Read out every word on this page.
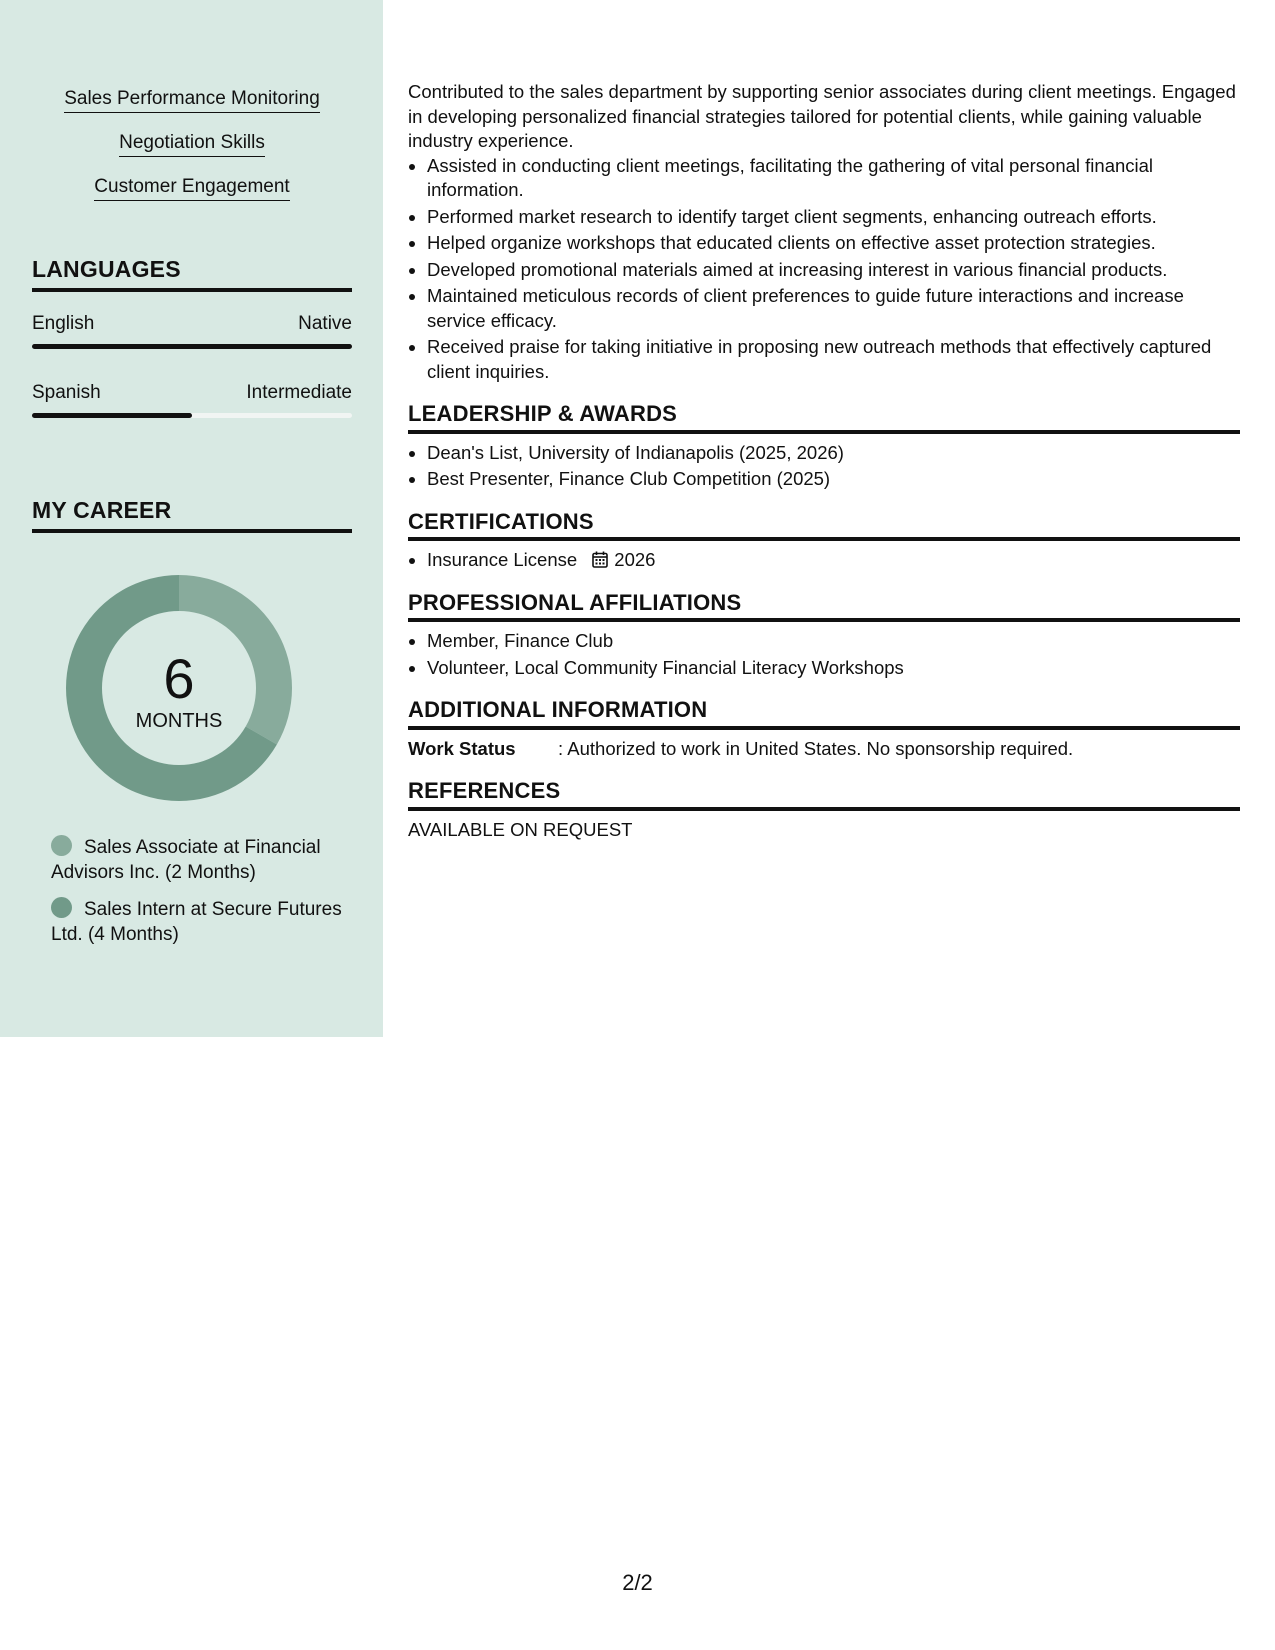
Sales Performance Monitoring
Negotiation Skills
Customer Engagement
LANGUAGES
English	Native
Spanish	Intermediate
MY CAREER
6
MONTHS
Sales Associate at Financial Advisors Inc. (2 Months)
Sales Intern at Secure Futures Ltd. (4 Months)

Contributed to the sales department by supporting senior associates during client meetings. Engaged in developing personalized financial strategies tailored for potential clients, while gaining valuable industry experience.

• Assisted in conducting client meetings, facilitating the gathering of vital personal financial information.
• Performed market research to identify target client segments, enhancing outreach efforts.
• Helped organize workshops that educated clients on effective asset protection strategies.
• Developed promotional materials aimed at increasing interest in various financial products.
• Maintained meticulous records of client preferences to guide future interactions and increase service efficacy.
• Received praise for taking initiative in proposing new outreach methods that effectively captured client inquiries.
LEADERSHIP & AWARDS
• Dean's List, University of Indianapolis (2025, 2026)
• Best Presenter, Finance Club Competition (2025)
CERTIFICATIONS
• Insurance License 2026
PROFESSIONAL AFFILIATIONS
• Member, Finance Club
• Volunteer, Local Community Financial Literacy Workshops
ADDITIONAL INFORMATION
Work Status	: Authorized to work in United States. No sponsorship required.
REFERENCES

AVAILABLE ON REQUEST

2/2
